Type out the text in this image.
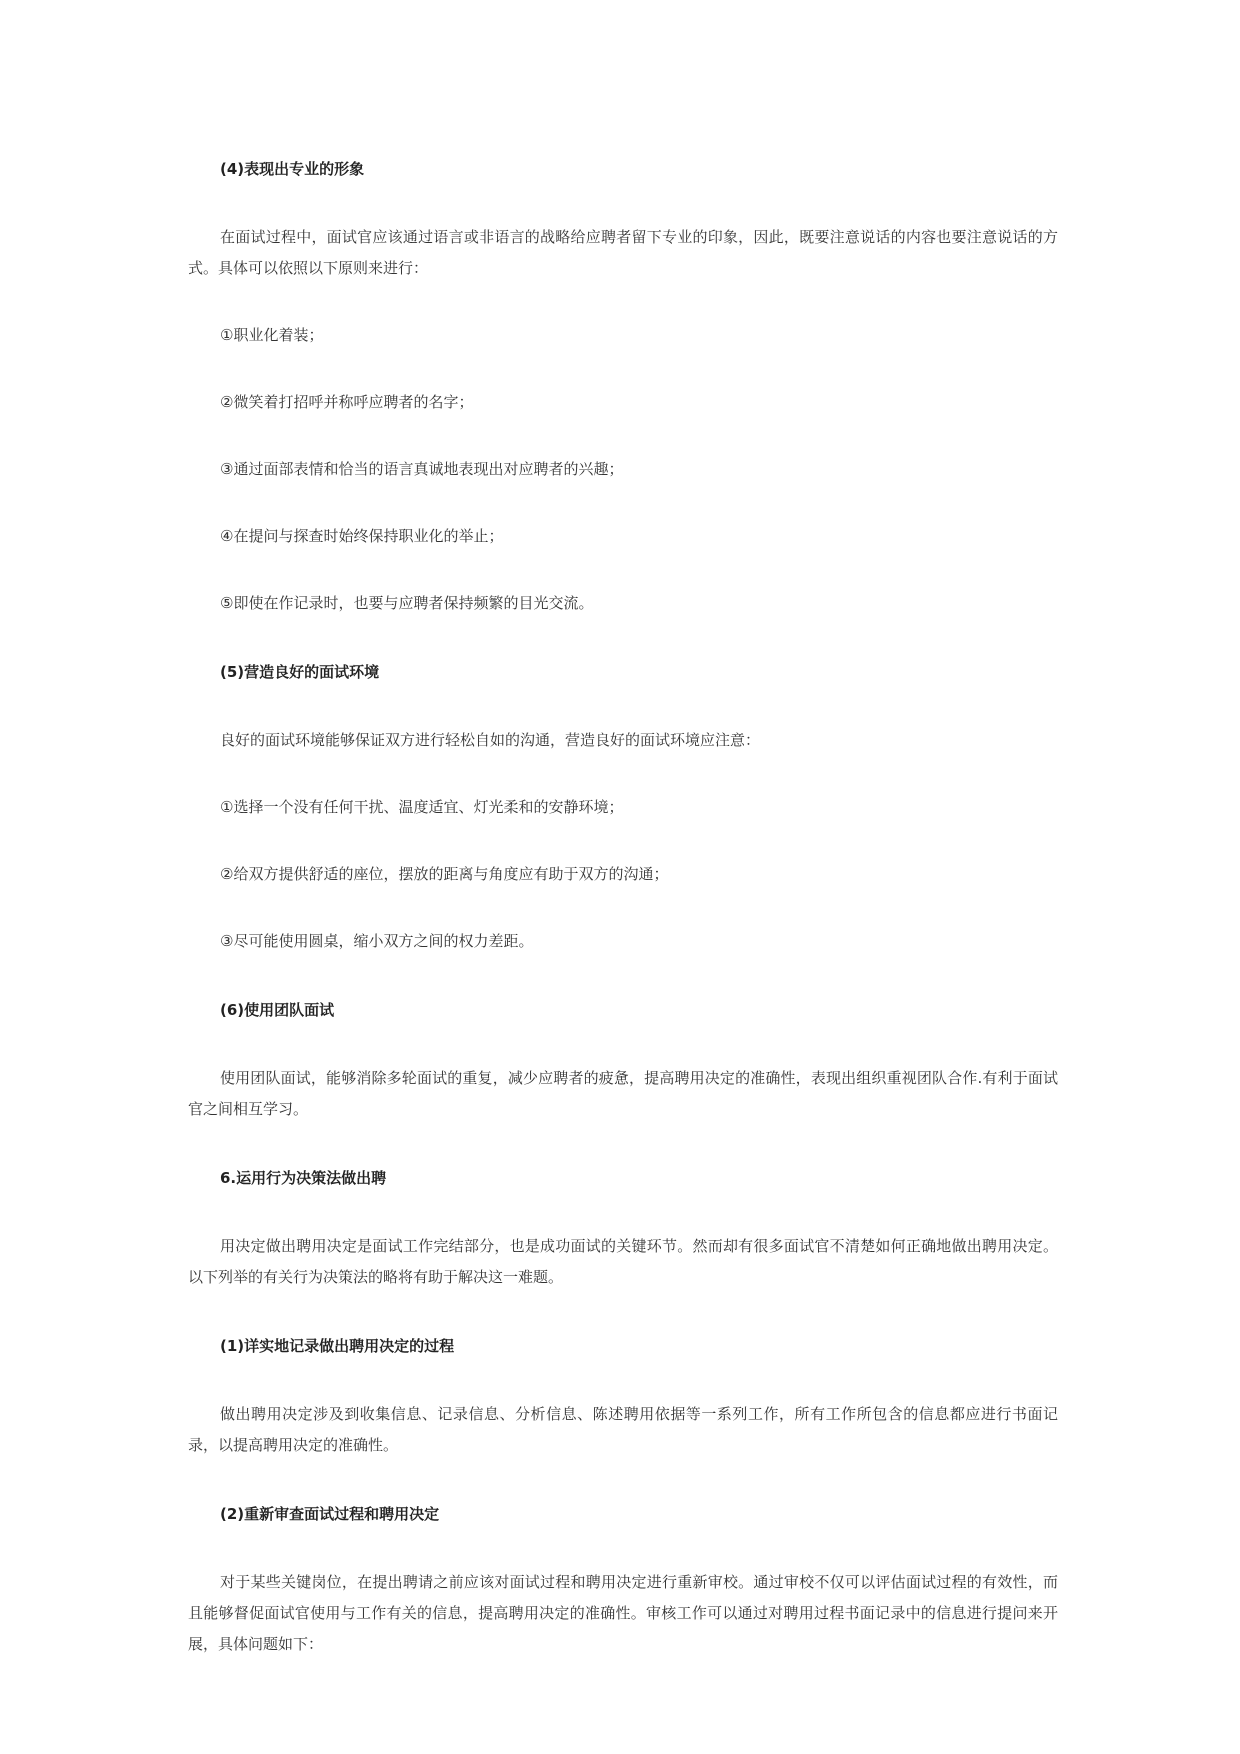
(4)表现出专业的形象

在面试过程中，面试官应该通过语言或非语言的战略给应聘者留下专业的印象，因此，既要注意说话的内容也要注意说话的方式。具体可以依照以下原则来进行：

①职业化着装；

②微笑着打招呼并称呼应聘者的名字；

③通过面部表情和恰当的语言真诚地表现出对应聘者的兴趣；

④在提问与探查时始终保持职业化的举止；

⑤即使在作记录时，也要与应聘者保持频繁的目光交流。

(5)营造良好的面试环境

良好的面试环境能够保证双方进行轻松自如的沟通，营造良好的面试环境应注意：

①选择一个没有任何干扰、温度适宜、灯光柔和的安静环境；

②给双方提供舒适的座位，摆放的距离与角度应有助于双方的沟通；

③尽可能使用圆桌，缩小双方之间的权力差距。

(6)使用团队面试

使用团队面试，能够消除多轮面试的重复，减少应聘者的疲惫，提高聘用决定的准确性，表现出组织重视团队合作.有利于面试官之间相互学习。

6.运用行为决策法做出聘

用决定做出聘用决定是面试工作完结部分，也是成功面试的关键环节。然而却有很多面试官不清楚如何正确地做出聘用决定。以下列举的有关行为决策法的略将有助于解决这一难题。

(1)详实地记录做出聘用决定的过程

做出聘用决定涉及到收集信息、记录信息、分析信息、陈述聘用依据等一系列工作，所有工作所包含的信息都应进行书面记录，以提高聘用决定的准确性。

(2)重新审查面试过程和聘用决定

对于某些关键岗位，在提出聘请之前应该对面试过程和聘用决定进行重新审校。通过审校不仅可以评估面试过程的有效性，而且能够督促面试官使用与工作有关的信息，提高聘用决定的准确性。审核工作可以通过对聘用过程书面记录中的信息进行提问来开展，具体问题如下：
